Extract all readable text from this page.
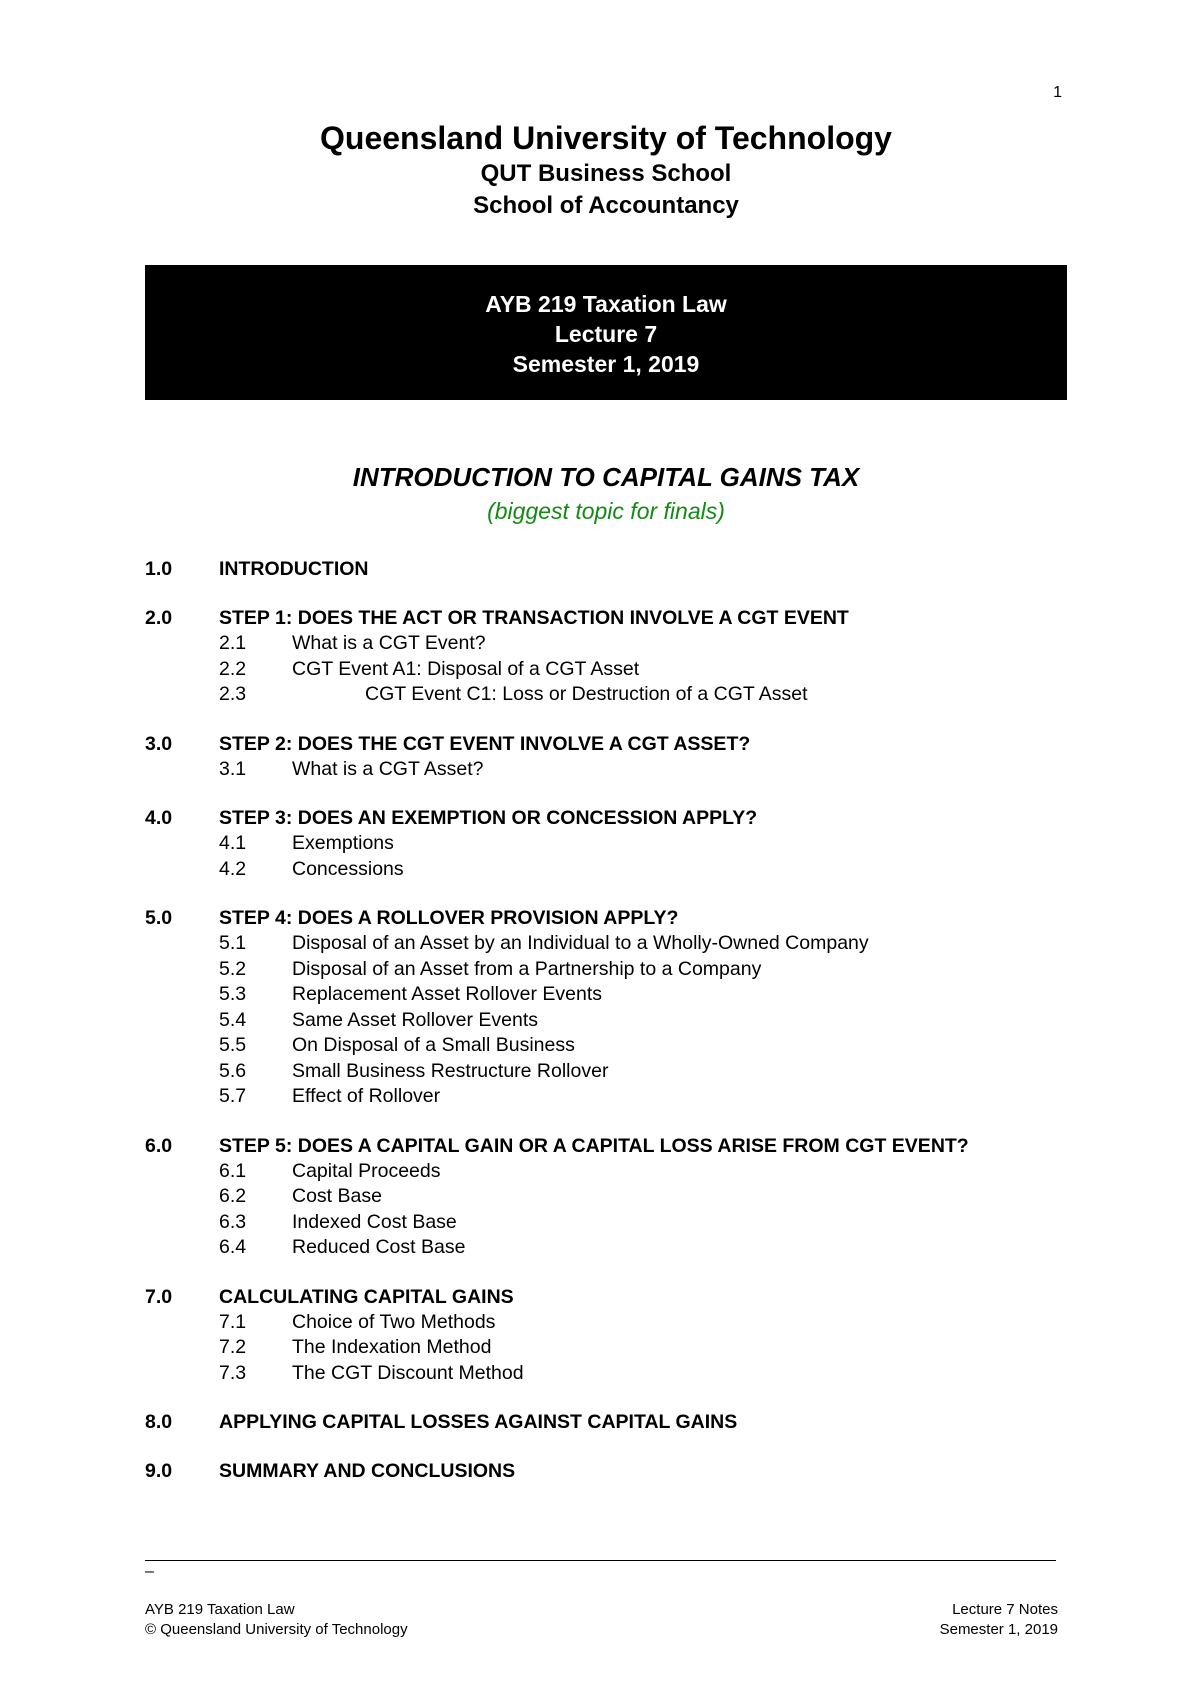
1
Queensland University of Technology
QUT Business School
School of Accountancy
AYB 219 Taxation Law
Lecture 7
Semester 1, 2019
INTRODUCTION TO CAPITAL GAINS TAX
(biggest topic for finals)
1.0	INTRODUCTION
2.0	STEP 1: DOES THE ACT OR TRANSACTION INVOLVE A CGT EVENT
2.1	What is a CGT Event?
2.2	CGT Event A1: Disposal of a CGT Asset
2.3	CGT Event C1: Loss or Destruction of a CGT Asset
3.0	STEP 2: DOES THE CGT EVENT INVOLVE A CGT ASSET?
3.1	What is a CGT Asset?
4.0	STEP 3: DOES AN EXEMPTION OR CONCESSION APPLY?
4.1	Exemptions
4.2	Concessions
5.0	STEP 4: DOES A ROLLOVER PROVISION APPLY?
5.1	Disposal of an Asset by an Individual to a Wholly-Owned Company
5.2	Disposal of an Asset from a Partnership to a Company
5.3	Replacement Asset Rollover Events
5.4	Same Asset Rollover Events
5.5	On Disposal of a Small Business
5.6	Small Business Restructure Rollover
5.7	Effect of Rollover
6.0 STEP 5: DOES A CAPITAL GAIN OR A CAPITAL LOSS ARISE FROM CGT EVENT?
6.1	Capital Proceeds
6.2	Cost Base
6.3	Indexed Cost Base
6.4	Reduced Cost Base
7.0	CALCULATING CAPITAL GAINS
7.1	Choice of Two Methods
7.2	The Indexation Method
7.3	The CGT Discount Method
8.0	APPLYING CAPITAL LOSSES AGAINST CAPITAL GAINS
9.0	SUMMARY AND CONCLUSIONS
–
AYB 219 Taxation Law
© Queensland University of Technology
Lecture 7 Notes
Semester 1, 2019
